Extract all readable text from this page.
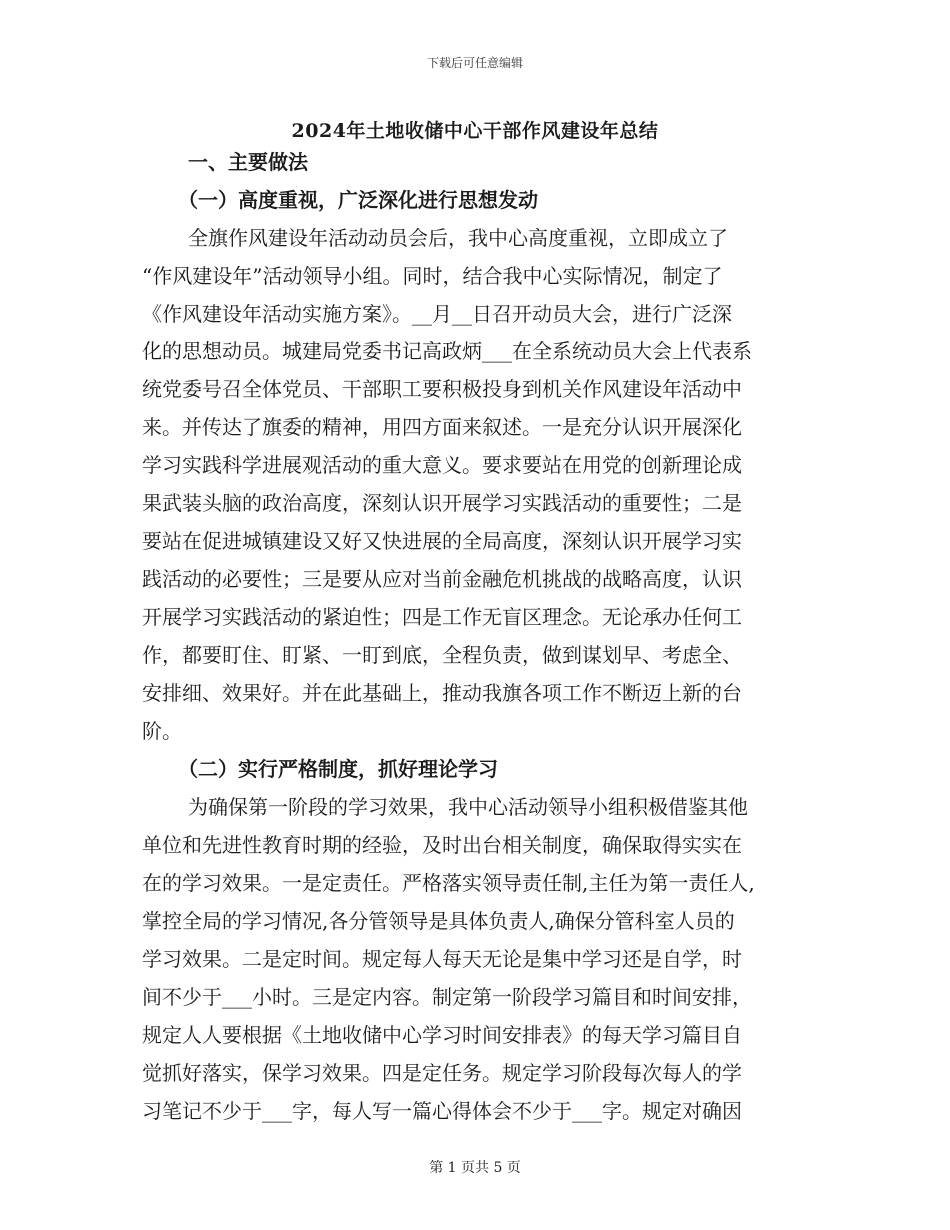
下载后可任意编辑
2024年土地收储中心干部作风建设年总结
一、主要做法
（一）高度重视，广泛深化进行思想发动
全旗作风建设年活动动员会后，我中心高度重视，立即成立了
“作风建设年”活动领导小组。同时，结合我中心实际情况，制定了
《作风建设年活动实施方案》。__月__日召开动员大会，进行广泛深
化的思想动员。城建局党委书记高政炳___在全系统动员大会上代表系
统党委号召全体党员、干部职工要积极投身到机关作风建设年活动中
来。并传达了旗委的精神，用四方面来叙述。一是充分认识开展深化
学习实践科学进展观活动的重大意义。要求要站在用党的创新理论成
果武装头脑的政治高度，深刻认识开展学习实践活动的重要性；二是
要站在促进城镇建设又好又快进展的全局高度，深刻认识开展学习实
践活动的必要性；三是要从应对当前金融危机挑战的战略高度，认识
开展学习实践活动的紧迫性；四是工作无盲区理念。无论承办任何工
作，都要盯住、盯紧、一盯到底，全程负责，做到谋划早、考虑全、
安排细、效果好。并在此基础上，推动我旗各项工作不断迈上新的台
阶。
（二）实行严格制度，抓好理论学习
为确保第一阶段的学习效果，我中心活动领导小组积极借鉴其他
单位和先进性教育时期的经验，及时出台相关制度，确保取得实实在
在的学习效果。一是定责任。严格落实领导责任制,主任为第一责任人,
掌控全局的学习情况,各分管领导是具体负责人,确保分管科室人员的
学习效果。二是定时间。规定每人每天无论是集中学习还是自学，时
间不少于___小时。三是定内容。制定第一阶段学习篇目和时间安排，
规定人人要根据《土地收储中心学习时间安排表》的每天学习篇目自
觉抓好落实，保学习效果。四是定任务。规定学习阶段每次每人的学
习笔记不少于___字，每人写一篇心得体会不少于___字。规定对确因
第 1 页共 5 页
